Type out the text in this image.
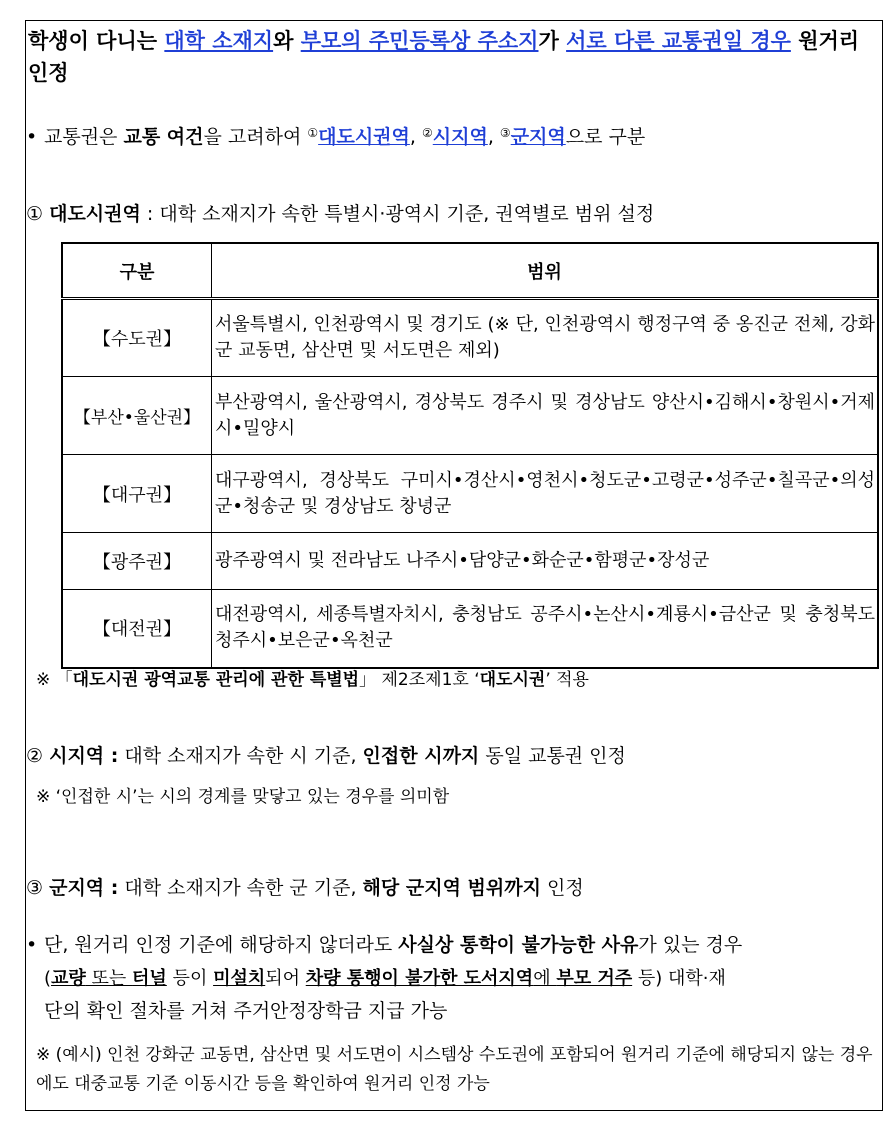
학생이 다니는 대학 소재지와 부모의 주민등록상 주소지가 서로 다른 교통권일 경우 원거리 인정
• 교통권은 교통 여건을 고려하여 ①대도시권역, ②시지역, ③군지역으로 구분
① 대도시권역 : 대학 소재지가 속한 특별시·광역시 기준, 권역별로 범위 설정
구분	범위
【수도권】	서울특별시, 인천광역시 및 경기도 (※ 단, 인천광역시 행정구역 중 옹진군 전체, 강화군 교동면, 삼산면 및 서도면은 제외)
【부산•울산권】	부산광역시, 울산광역시, 경상북도 경주시 및 경상남도 양산시•김해시•창원시•거제시•밀양시
【대구권】	대구광역시, 경상북도 구미시•경산시•영천시•청도군•고령군•성주군•칠곡군•의성군•청송군 및 경상남도 창녕군
【광주권】	광주광역시 및 전라남도 나주시•담양군•화순군•함평군•장성군
【대전권】	대전광역시, 세종특별자치시, 충청남도 공주시•논산시•계룡시•금산군 및 충청북도 청주시•보은군•옥천군
※ 「대도시권 광역교통 관리에 관한 특별법」 제2조제1호 ‘대도시권’ 적용
② 시지역 : 대학 소재지가 속한 시 기준, 인접한 시까지 동일 교통권 인정
※ ‘인접한 시’는 시의 경계를 맞닿고 있는 경우를 의미함
③ 군지역 : 대학 소재지가 속한 군 기준, 해당 군지역 범위까지 인정
• 단, 원거리 인정 기준에 해당하지 않더라도 사실상 통학이 불가능한 사유가 있는 경우
(교량 또는 터널 등이 미설치되어 차량 통행이 불가한 도서지역에 부모 거주 등) 대학·재
단의 확인 절차를 거쳐 주거안정장학금 지급 가능
※ (예시) 인천 강화군 교동면, 삼산면 및 서도면이 시스템상 수도권에 포함되어 원거리 기준에 해당되지 않는 경우에도 대중교통 기준 이동시간 등을 확인하여 원거리 인정 가능
